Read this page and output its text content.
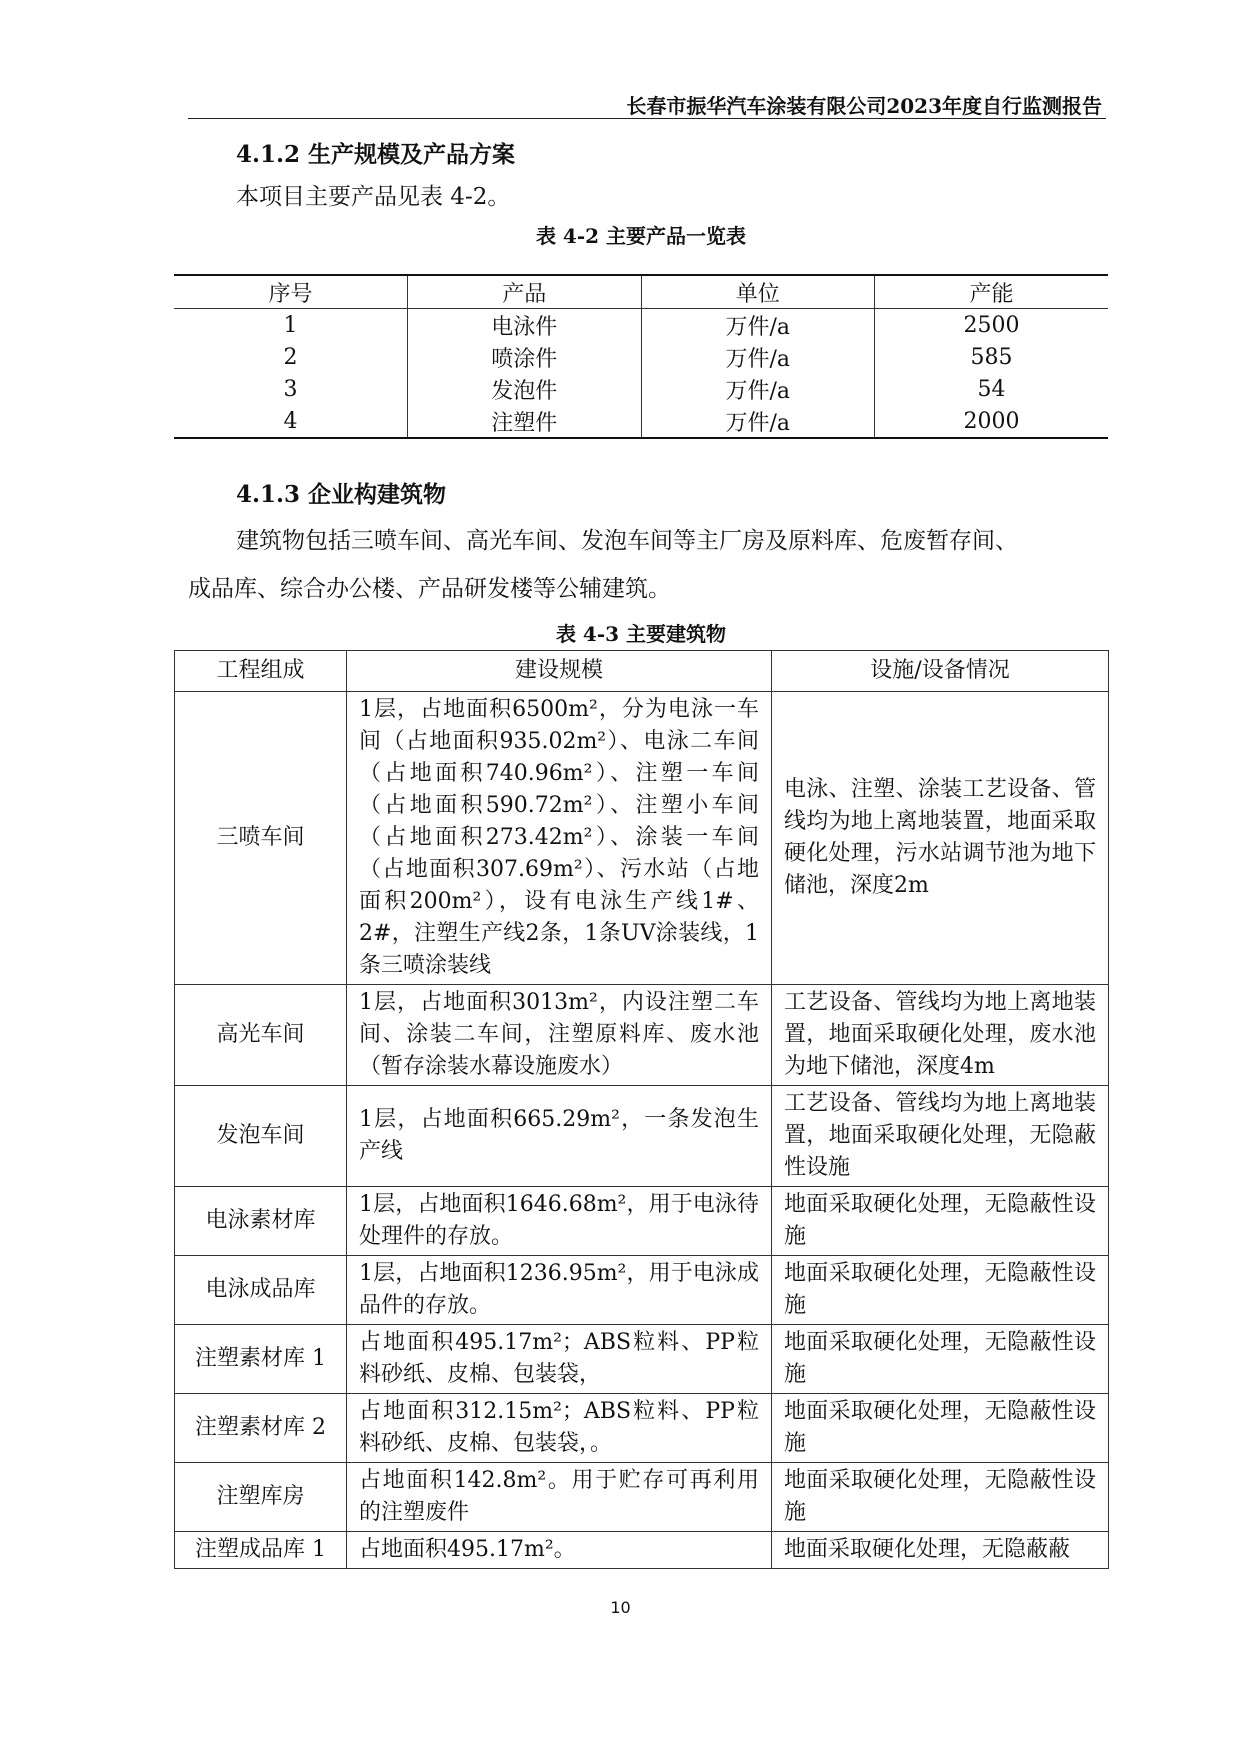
长春市振华汽车涂装有限公司2023年度自行监测报告
4.1.2 生产规模及产品方案
本项目主要产品见表 4-2。
表 4-2 主要产品一览表
序号	产品	单位	产能
1	电泳件	万件/a	2500
2	喷涂件	万件/a	585
3	发泡件	万件/a	54
4	注塑件	万件/a	2000
4.1.3 企业构建筑物
建筑物包括三喷车间、高光车间、发泡车间等主厂房及原料库、危废暂存间、
成品库、综合办公楼、产品研发楼等公辅建筑。
表 4-3 主要建筑物
工程组成	建设规模	设施/设备情况
三喷车间	1层，占地面积6500m²，分为电泳一车间（占地面积935.02m²）、电泳二车间（占地面积740.96m²）、注塑一车间（占地面积590.72m²）、注塑小车间（占地面积273.42m²）、涂装一车间（占地面积307.69m²）、污水站（占地面积200m²），设有电泳生产线1#、2#，注塑生产线2条，1条UV涂装线，1条三喷涂装线	电泳、注塑、涂装工艺设备、管线均为地上离地装置，地面采取硬化处理，污水站调节池为地下储池，深度2m
高光车间	1层，占地面积3013m²，内设注塑二车间、涂装二车间，注塑原料库、废水池（暂存涂装水幕设施废水）	工艺设备、管线均为地上离地装置，地面采取硬化处理，废水池为地下储池，深度4m
发泡车间	1层，占地面积665.29m²，一条发泡生产线	工艺设备、管线均为地上离地装置，地面采取硬化处理，无隐蔽性设施
电泳素材库	1层，占地面积1646.68m²，用于电泳待处理件的存放。	地面采取硬化处理，无隐蔽性设施
电泳成品库	1层，占地面积1236.95m²，用于电泳成品件的存放。	地面采取硬化处理，无隐蔽性设施
注塑素材库 1	占地面积495.17m²；ABS粒料、PP粒料砂纸、皮棉、包装袋，	地面采取硬化处理，无隐蔽性设施
注塑素材库 2	占地面积312.15m²；ABS粒料、PP粒料砂纸、皮棉、包装袋，。	地面采取硬化处理，无隐蔽性设施
注塑库房	占地面积142.8m²。用于贮存可再利用的注塑废件	地面采取硬化处理，无隐蔽性设施
注塑成品库 1	占地面积495.17m²。	地面采取硬化处理，无隐蔽蔽
10
